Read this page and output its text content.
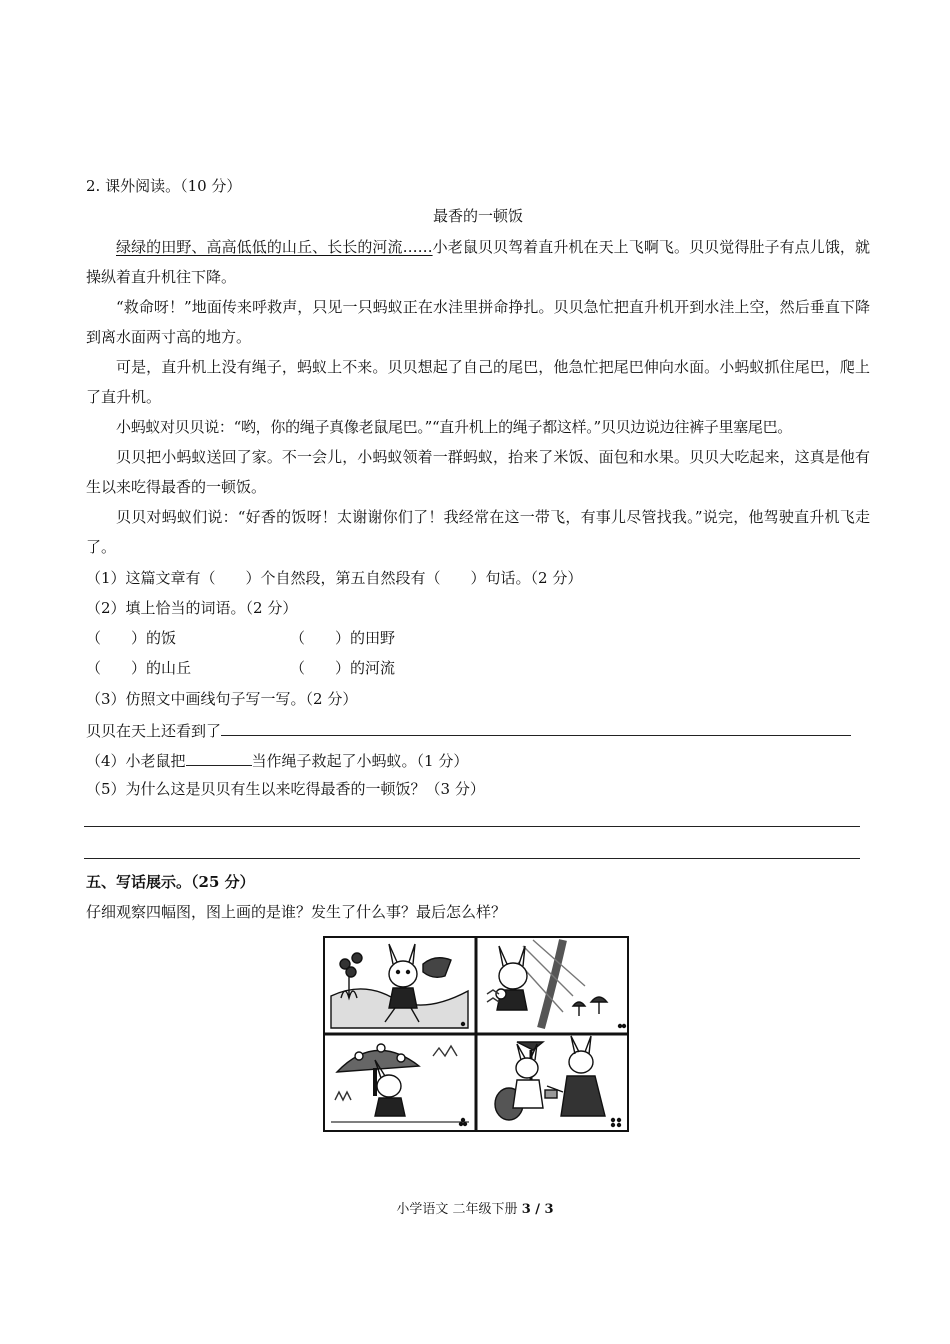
2. 课外阅读。（10 分）
最香的一顿饭
绿绿的田野、高高低低的山丘、长长的河流……小老鼠贝贝驾着直升机在天上飞啊飞。贝贝觉得肚子有点儿饿，就操纵着直升机往下降。
“救命呀！”地面传来呼救声，只见一只蚂蚁正在水洼里拼命挣扎。贝贝急忙把直升机开到水洼上空，然后垂直下降到离水面两寸高的地方。
可是，直升机上没有绳子，蚂蚁上不来。贝贝想起了自己的尾巴，他急忙把尾巴伸向水面。小蚂蚁抓住尾巴，爬上了直升机。
小蚂蚁对贝贝说：“哟，你的绳子真像老鼠尾巴。”“直升机上的绳子都这样。”贝贝边说边往裤子里塞尾巴。
贝贝把小蚂蚁送回了家。不一会儿，小蚂蚁领着一群蚂蚁，抬来了米饭、面包和水果。贝贝大吃起来，这真是他有生以来吃得最香的一顿饭。
贝贝对蚂蚁们说：“好香的饭呀！太谢谢你们了！我经常在这一带飞，有事儿尽管找我。”说完，他驾驶直升机飞走了。
（1）这篇文章有（　　）个自然段，第五自然段有（　　）句话。（2 分）
（2）填上恰当的词语。（2 分）
（　　）的饭	（　　）的田野
（　　）的山丘	（　　）的河流
（3）仿照文中画线句子写一写。（2 分）
贝贝在天上还看到了
（4）小老鼠把	当作绳子救起了小蚂蚁。（1 分）
（5）为什么这是贝贝有生以来吃得最香的一顿饭？（3 分）
五、写话展示。（25 分）
仔细观察四幅图，图上画的是谁？发生了什么事？最后怎么样？
小学语文 二年级下册 3 / 3
